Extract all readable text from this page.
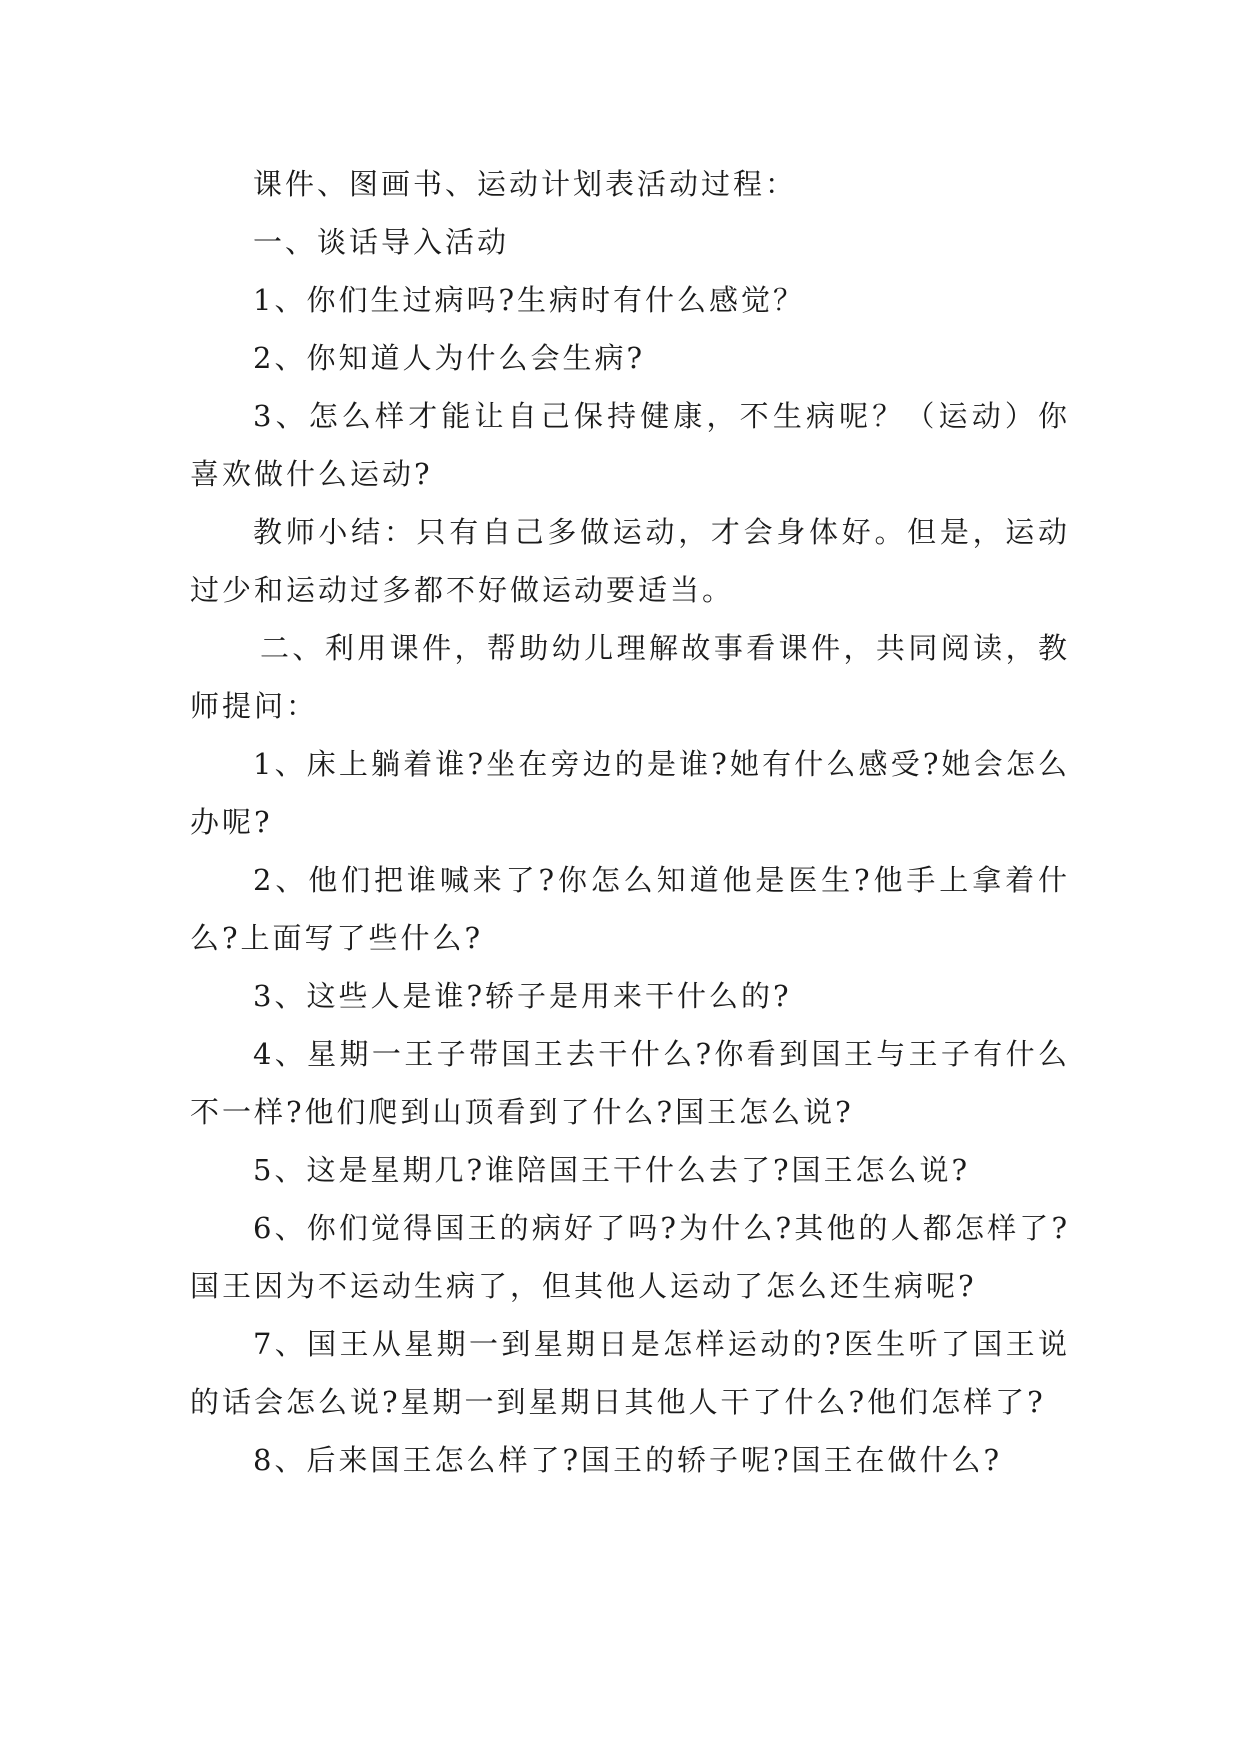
课件、图画书、运动计划表活动过程：

一、谈话导入活动

1、你们生过病吗?生病时有什么感觉？

2、你知道人为什么会生病?

3、怎么样才能让自己保持健康，不生病呢？（运动）你喜欢做什么运动?

教师小结：只有自己多做运动，才会身体好。但是，运动过少和运动过多都不好做运动要适当。

二、利用课件，帮助幼儿理解故事看课件，共同阅读，教师提问：

1、床上躺着谁?坐在旁边的是谁?她有什么感受?她会怎么办呢?

2、他们把谁喊来了?你怎么知道他是医生?他手上拿着什么?上面写了些什么?

3、这些人是谁?轿子是用来干什么的?

4、星期一王子带国王去干什么?你看到国王与王子有什么不一样?他们爬到山顶看到了什么?国王怎么说?

5、这是星期几?谁陪国王干什么去了?国王怎么说?

6、你们觉得国王的病好了吗?为什么?其他的人都怎样了?国王因为不运动生病了，但其他人运动了怎么还生病呢?

7、国王从星期一到星期日是怎样运动的?医生听了国王说的话会怎么说?星期一到星期日其他人干了什么?他们怎样了?

8、后来国王怎么样了?国王的轿子呢?国王在做什么?
